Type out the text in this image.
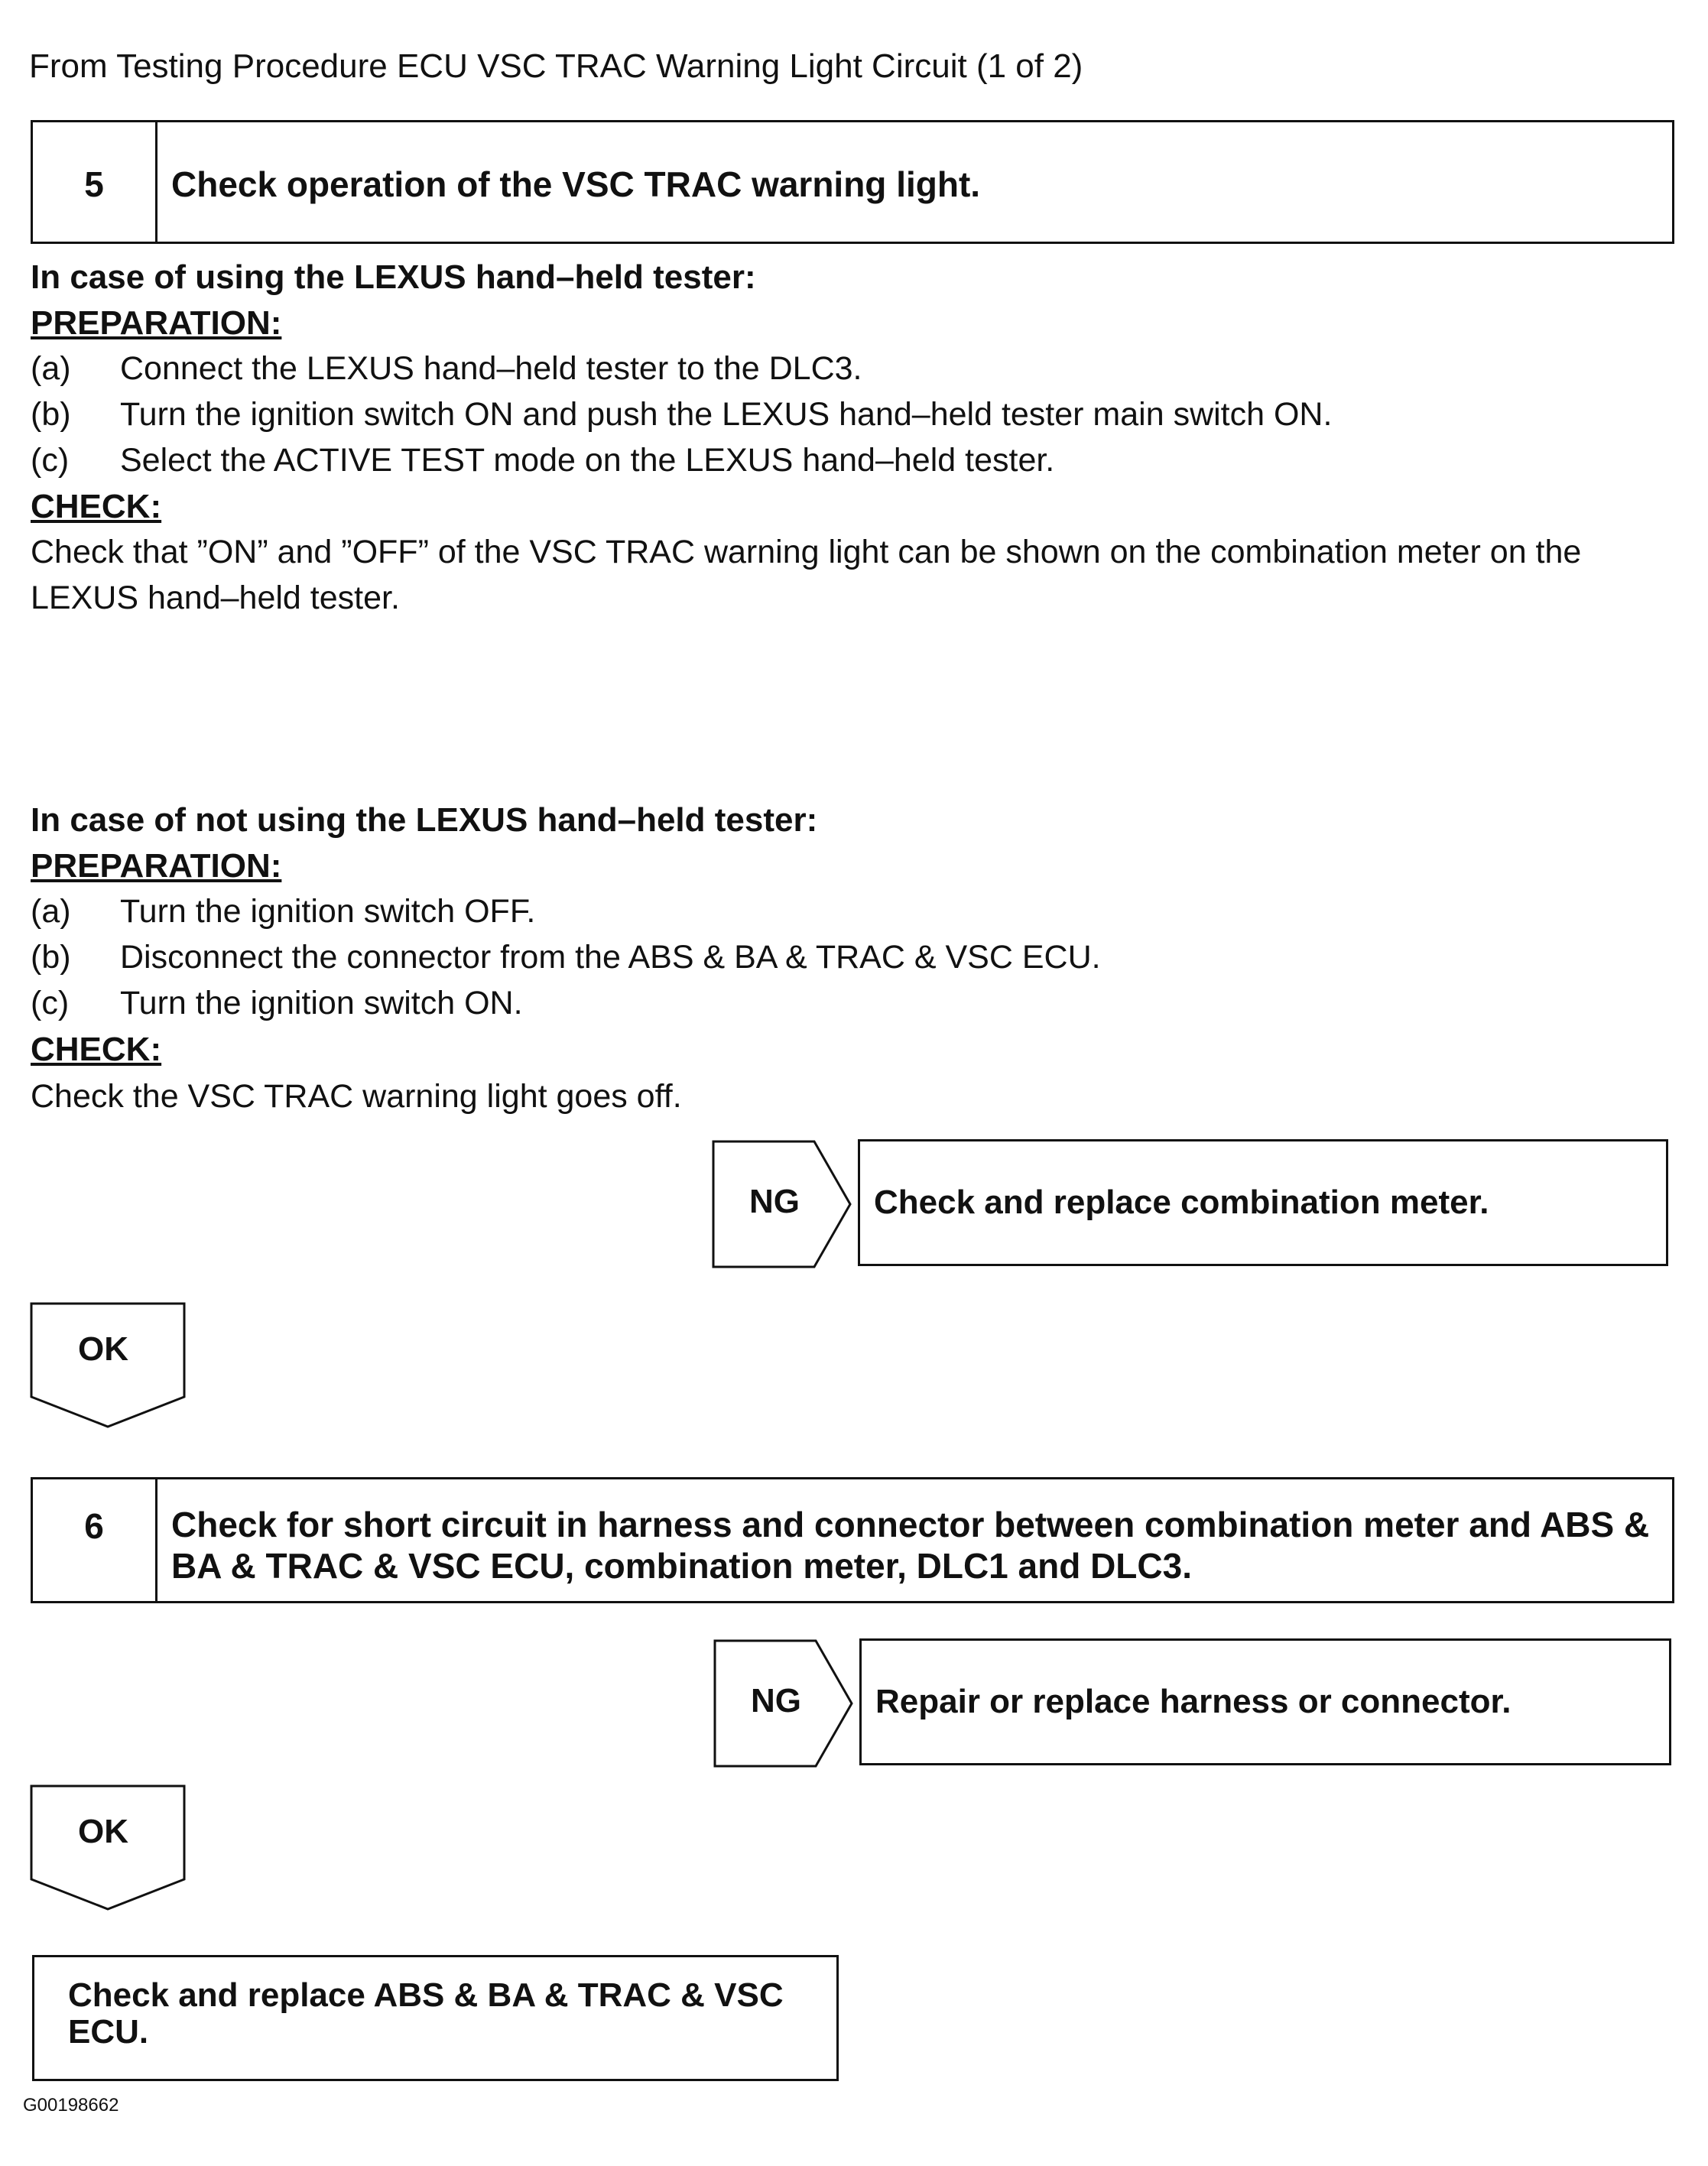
From Testing Procedure ECU VSC TRAC Warning Light Circuit (1 of 2)
5	Check operation of the VSC TRAC warning light.
In case of using the LEXUS hand–held tester:
PREPARATION:
(a) Connect the LEXUS hand–held tester to the DLC3.
(b) Turn the ignition switch ON and push the LEXUS hand–held tester main switch ON.
(c) Select the ACTIVE TEST mode on the LEXUS hand–held tester.
CHECK:
Check that ”ON” and ”OFF” of the VSC TRAC warning light can be shown on the combination meter on the LEXUS hand–held tester.
In case of not using the LEXUS hand–held tester:
PREPARATION:
(a) Turn the ignition switch OFF.
(b) Disconnect the connector from the ABS & BA & TRAC & VSC ECU.
(c) Turn the ignition switch ON.
CHECK:
Check the VSC TRAC warning light goes off.
NG	Check and replace combination meter.
OK
6	Check for short circuit in harness and connector between combination meter and ABS & BA & TRAC & VSC ECU, combination meter, DLC1 and DLC3.
NG	Repair or replace harness or connector.
OK
Check and replace ABS & BA & TRAC & VSC ECU.
G00198662
